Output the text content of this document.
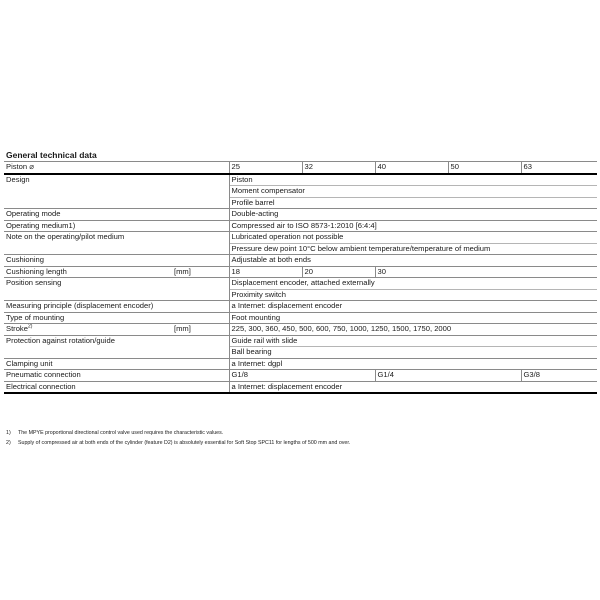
General technical data
Piston ⌀		25	32	40	50	63
Design		Piston				
		Moment compensator				
		Profile barrel				
Operating mode		Double-acting				
Operating medium1)		Compressed air to ISO 8573-1:2010 [6:4:4]				
Note on the operating/pilot medium		Lubricated operation not possible				
		Pressure dew point 10°C below ambient temperature/temperature of medium				
Cushioning		Adjustable at both ends				
Cushioning length	[mm]	18	20	30		
Position sensing		Displacement encoder, attached externally				
		Proximity switch				
Measuring principle (displacement encoder)		a Internet: displacement encoder				
Type of mounting		Foot mounting				
Stroke$^{2)}$	[mm]	225, 300, 360, 450, 500, 600, 750, 1000, 1250, 1500, 1750, 2000				
Protection against rotation/guide		Guide rail with slide				
		Ball bearing				
Clamping unit		a Internet: dgpl				
Pneumatic connection		G1/8		G1/4		G3/8
Electrical connection		a Internet: displacement encoder				
1) The MPYE proportional directional control valve used requires the characteristic values.
2) Supply of compressed air at both ends of the cylinder (feature D2) is absolutely essential for Soft Stop SPC11 for lengths of 500 mm and over.
